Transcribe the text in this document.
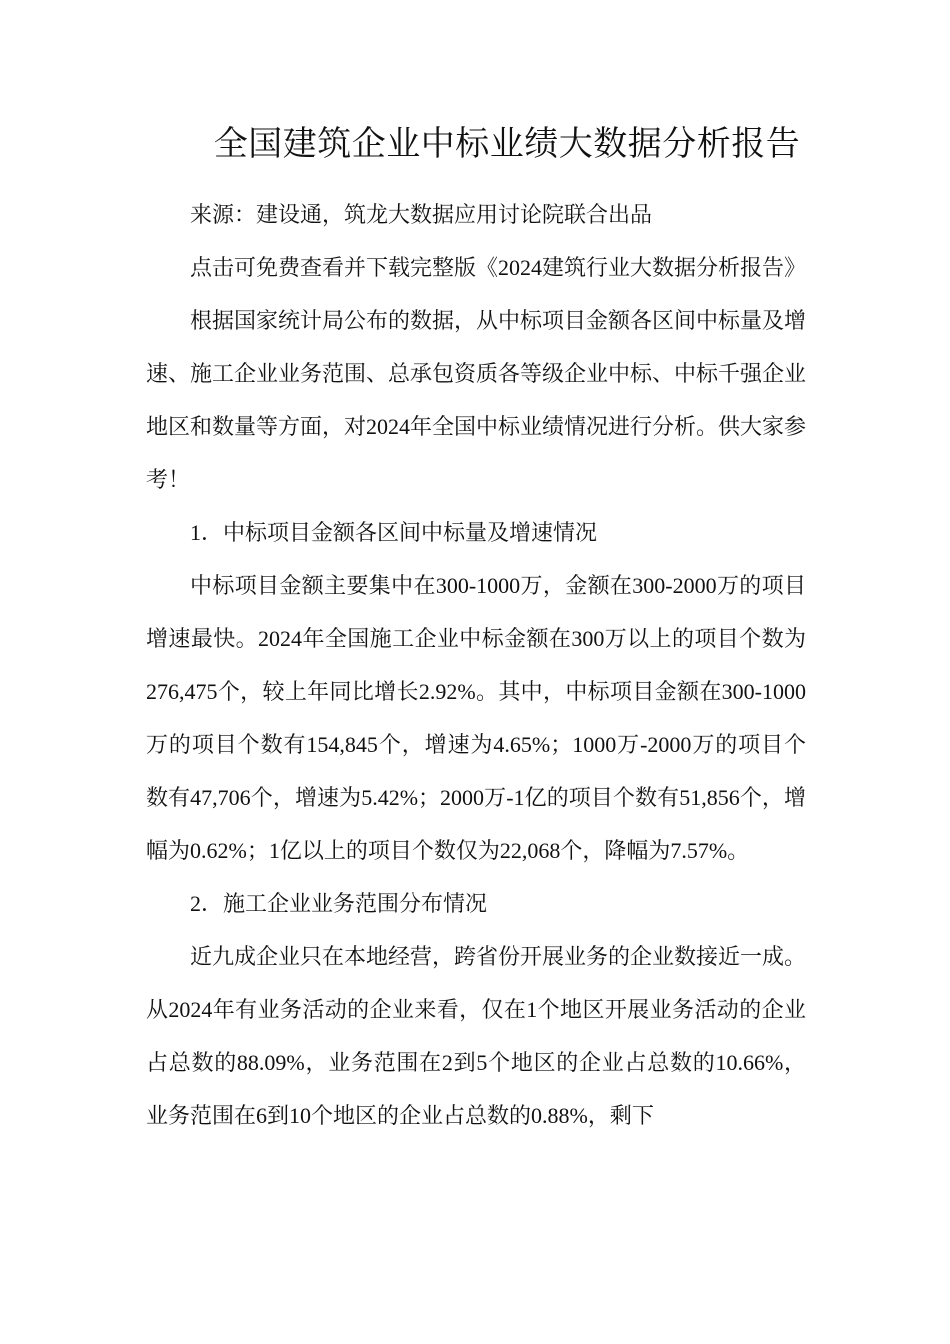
全国建筑企业中标业绩大数据分析报告

来源：建设通，筑龙大数据应用讨论院联合出品

点击可免费查看并下载完整版《2024建筑行业大数据分析报告》

根据国家统计局公布的数据，从中标项目金额各区间中标量及增速、施工企业业务范围、总承包资质各等级企业中标、中标千强企业地区和数量等方面，对2024年全国中标业绩情况进行分析。供大家参考！

1．中标项目金额各区间中标量及增速情况

中标项目金额主要集中在300-1000万，金额在300-2000万的项目增速最快。2024年全国施工企业中标金额在300万以上的项目个数为276,475个，较上年同比增长2.92%。其中，中标项目金额在300-1000万的项目个数有154,845个，增速为4.65%；1000万-2000万的项目个数有47,706个，增速为5.42%；2000万-1亿的项目个数有51,856个，增幅为0.62%；1亿以上的项目个数仅为22,068个，降幅为7.57%。

2．施工企业业务范围分布情况

近九成企业只在本地经营，跨省份开展业务的企业数接近一成。从2024年有业务活动的企业来看，仅在1个地区开展业务活动的企业占总数的88.09%，业务范围在2到5个地区的企业占总数的10.66%，业务范围在6到10个地区的企业占总数的0.88%，剩下
